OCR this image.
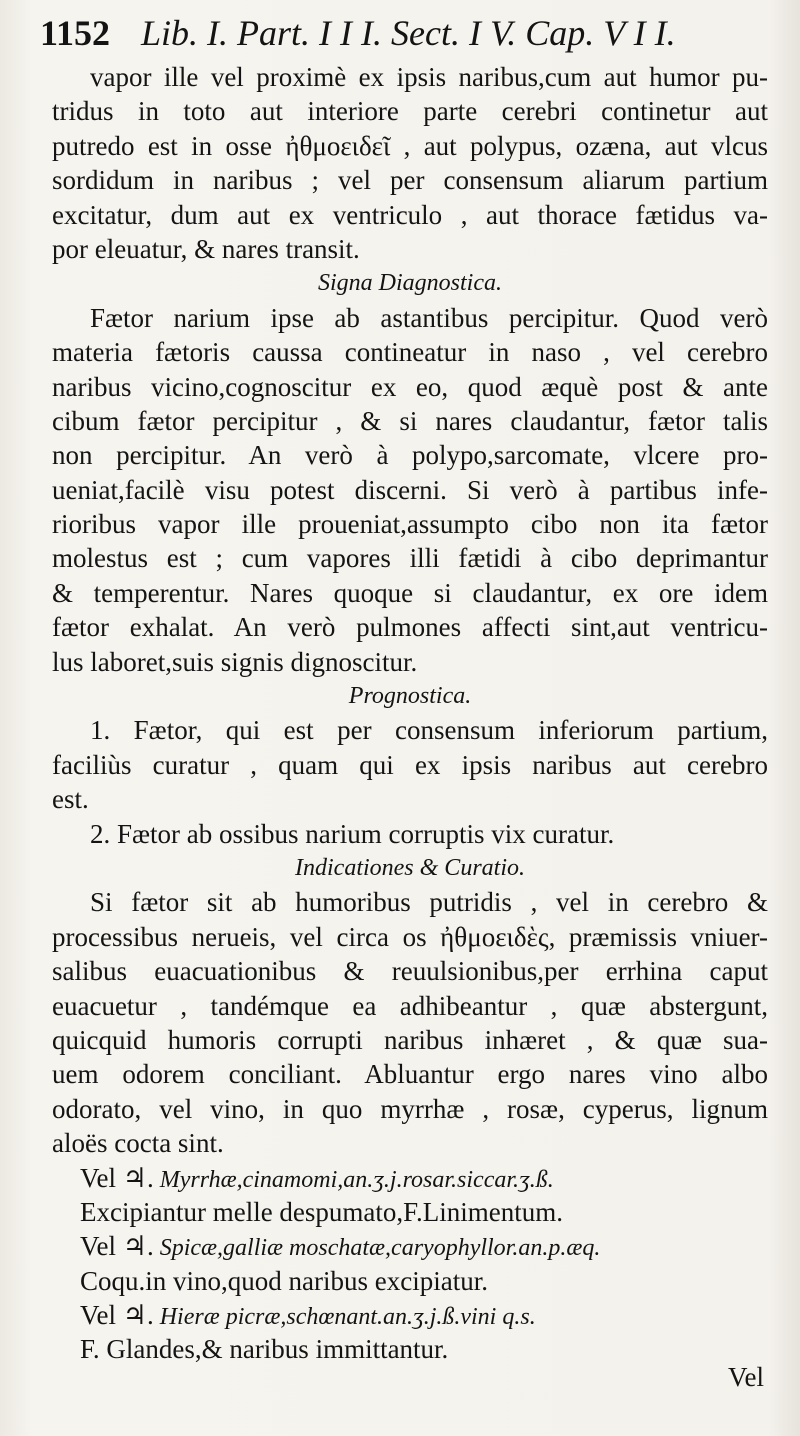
1152 Lib. I. Part. I I I. Sect. I V. Cap. V I I.
vapor ille vel proximè ex ipsis naribus,cum aut humor pu-
tridus in toto aut interiore parte cerebri continetur aut
putredo est in osse ἠθμοειδεῖ , aut polypus, ozæna, aut vlcus
sordidum in naribus ; vel per consensum aliarum partium
excitatur, dum aut ex ventriculo , aut thorace fætidus va-
por eleuatur, & nares transit.
Signa Diagnostica.
Fætor narium ipse ab astantibus percipitur. Quod verò
materia fætoris caussa contineatur in naso , vel cerebro
naribus vicino,cognoscitur ex eo, quod æquè post & ante
cibum fætor percipitur , & si nares claudantur, fætor talis
non percipitur. An verò à polypo,sarcomate, vlcere pro-
ueniat,facilè visu potest discerni. Si verò à partibus infe-
rioribus vapor ille proueniat,assumpto cibo non ita fætor
molestus est ; cum vapores illi fætidi à cibo deprimantur
& temperentur. Nares quoque si claudantur, ex ore idem
fætor exhalat. An verò pulmones affecti sint,aut ventricu-
lus laboret,suis signis dignoscitur.
Prognostica.
1. Fætor, qui est per consensum inferiorum partium,
faciliùs curatur , quam qui ex ipsis naribus aut cerebro
est.
2. Fætor ab ossibus narium corruptis vix curatur.
Indicationes & Curatio.
Si fætor sit ab humoribus putridis , vel in cerebro &
processibus nerueis, vel circa os ἠθμοειδὲς, præmissis vniuer-
salibus euacuationibus & reuulsionibus,per errhina caput
euacuetur , tandémque ea adhibeantur , quæ abstergunt,
quicquid humoris corrupti naribus inhæret , & quæ sua-
uem odorem conciliant. Abluantur ergo nares vino albo
odorato, vel vino, in quo myrrhæ , rosæ, cyperus, lignum
aloës cocta sint.
Vel ♃. Myrrhæ,cinamomi,an.ʒ.j.rosar.siccar.ʒ.ß.
Excipiantur melle despumato,F.Linimentum.
Vel ♃. Spicæ,galliæ moschatæ,caryophyllor.an.p.æq.
Coqu.in vino,quod naribus excipiatur.
Vel ♃. Hieræ picræ,schœnant.an.ʒ.j.ß.vini q.s.
F. Glandes,& naribus immittantur.
Vel
